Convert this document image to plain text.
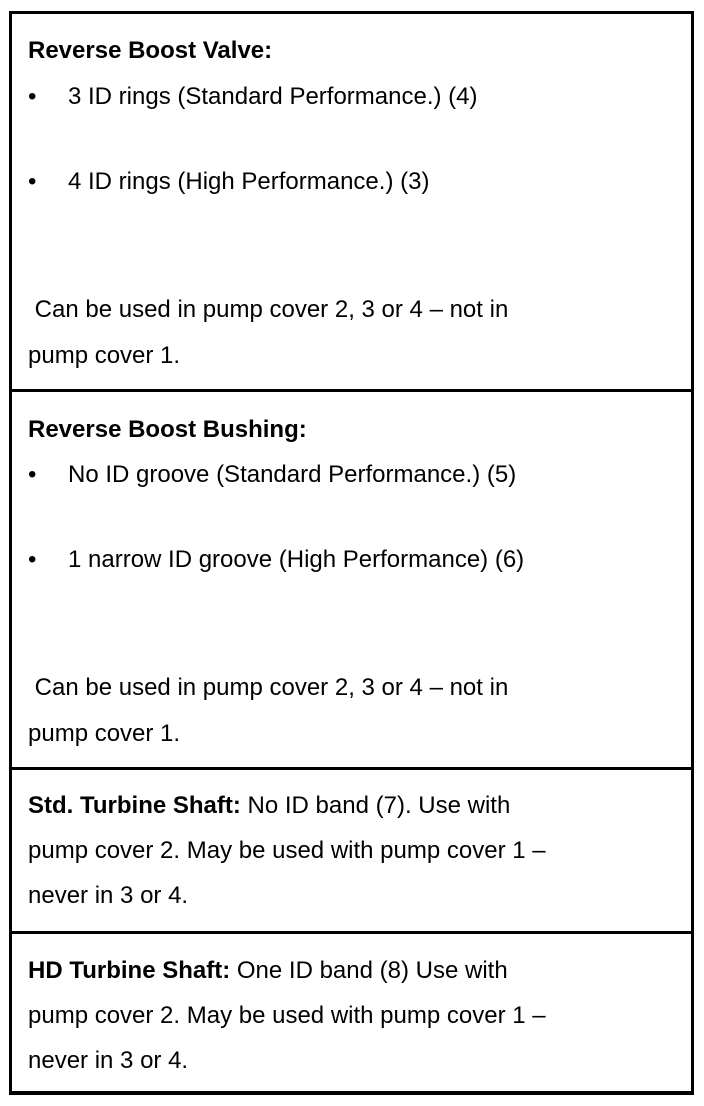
Reverse Boost Valve:
• 3 ID rings (Standard Performance.) (4)
• 4 ID rings (High Performance.) (3)
Can be used in pump cover 2, 3 or 4 – not in
pump cover 1.
Reverse Boost Bushing:
• No ID groove (Standard Performance.) (5)
• 1 narrow ID groove (High Performance) (6)
Can be used in pump cover 2, 3 or 4 – not in
pump cover 1.
Std. Turbine Shaft: No ID band (7). Use with
pump cover 2. May be used with pump cover 1 –
never in 3 or 4.
HD Turbine Shaft: One ID band (8) Use with
pump cover 2. May be used with pump cover 1 –
never in 3 or 4.
